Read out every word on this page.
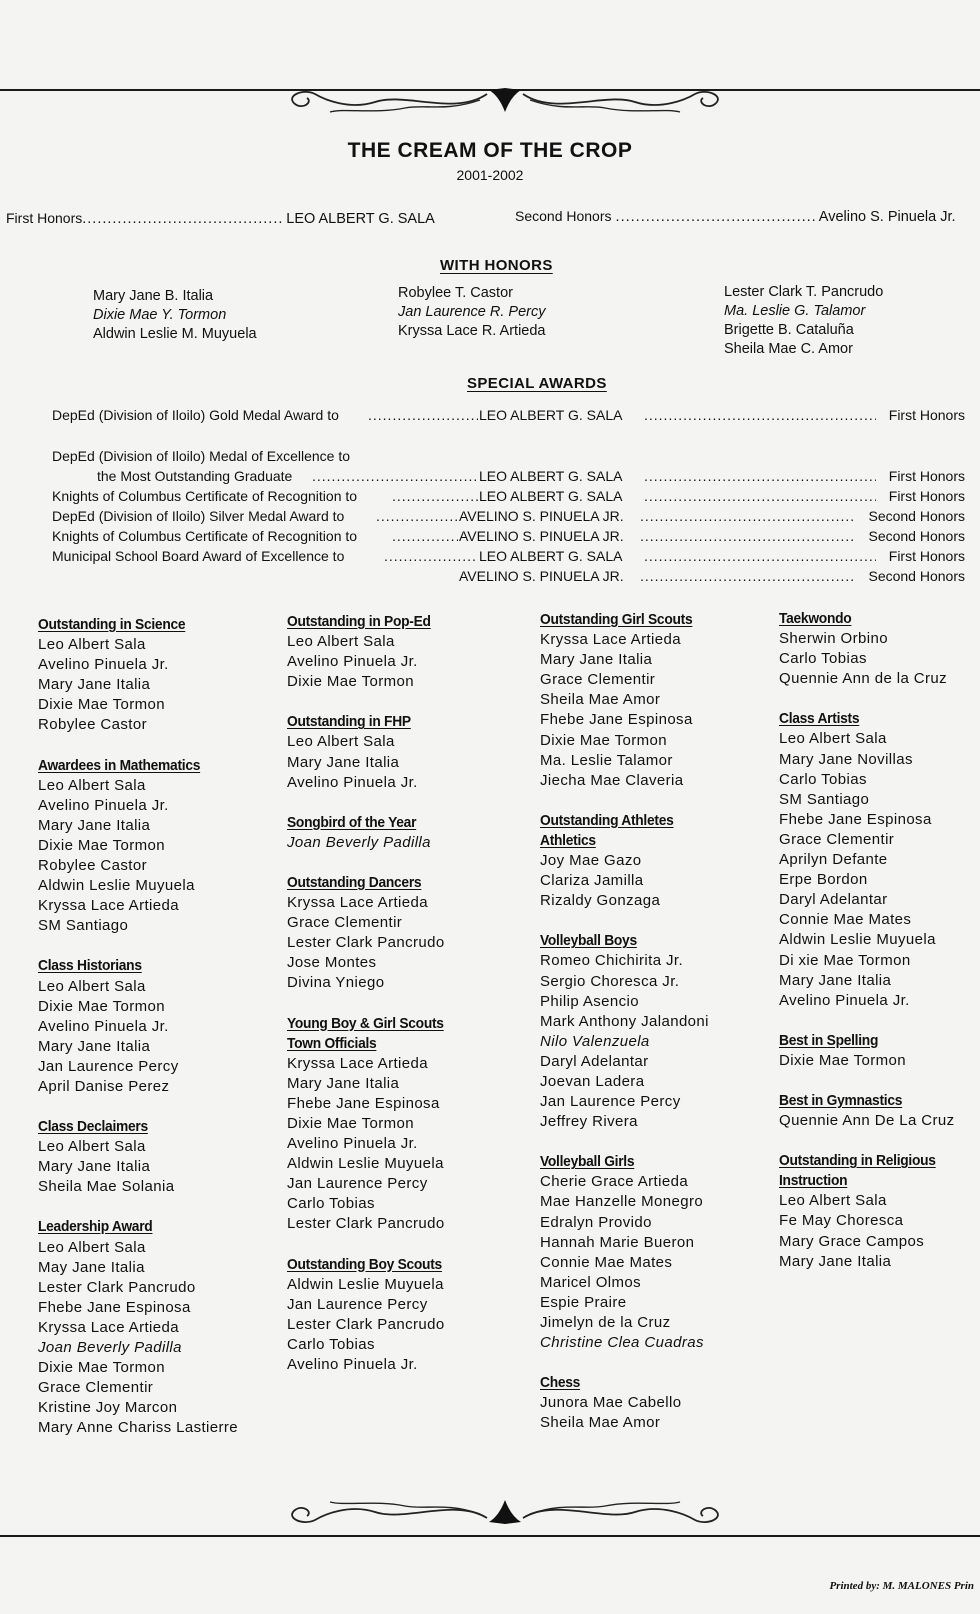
THE CREAM OF THE CROP
2001-2002
First Honors .....	LEO ALBERT G. SALA	Second Honors .....	Avelino S. Pinuela Jr.
WITH HONORS
Mary Jane B. Italia
Dixie Mae Y. Tormon
Aldwin Leslie M. Muyuela
Robylee T. Castor
Jan Laurence R. Percy
Kryssa Lace R. Artieda
Lester Clark T. Pancrudo
Ma. Leslie G. Talamor
Brigette B. Cataluña
Sheila Mae C. Amor
SPECIAL AWARDS
DepEd (Division of Iloilo) Gold Medal Award to .....	LEO ALBERT G. SALA .....	First Honors
DepEd (Division of Iloilo) Medal of Excellence to
the Most Outstanding Graduate .....	LEO ALBERT G. SALA .....	First Honors
Knights of Columbus Certificate of Recognition to .....	LEO ALBERT G. SALA .....	First Honors
DepEd (Division of Iloilo) Silver Medal Award to .....	AVELINO S. PINUELA JR. .....	Second Honors
Knights of Columbus Certificate of Recognition to .....	AVELINO S. PINUELA JR. .....	Second Honors
Municipal School Board Award of Excellence to .....	LEO ALBERT G. SALA .....	First Honors
AVELINO S. PINUELA JR. .....	Second Honors
Outstanding in Science
Leo Albert Sala
Avelino Pinuela Jr.
Mary Jane Italia
Dixie Mae Tormon
Robylee Castor
Awardees in Mathematics
Leo Albert Sala
Avelino Pinuela Jr.
Mary Jane Italia
Dixie Mae Tormon
Robylee Castor
Aldwin Leslie Muyuela
Kryssa Lace Artieda
SM Santiago
Class Historians
Leo Albert Sala
Dixie Mae Tormon
Avelino Pinuela Jr.
Mary Jane Italia
Jan Laurence Percy
April Danise Perez
Class Declaimers
Leo Albert Sala
Mary Jane Italia
Sheila Mae Solania
Leadership Award
Leo Albert Sala
May Jane Italia
Lester Clark Pancrudo
Fhebe Jane Espinosa
Kryssa Lace Artieda
Joan Beverly Padilla
Dixie Mae Tormon
Grace Clementir
Kristine Joy Marcon
Mary Anne Chariss Lastierre
Outstanding in Pop-Ed
Leo Albert Sala
Avelino Pinuela Jr.
Dixie Mae Tormon
Outstanding in FHP
Leo Albert Sala
Mary Jane Italia
Avelino Pinuela Jr.
Songbird of the Year
Joan Beverly Padilla
Outstanding Dancers
Kryssa Lace Artieda
Grace Clementir
Lester Clark Pancrudo
Jose Montes
Divina Yniego
Young Boy & Girl Scouts
Town Officials
Kryssa Lace Artieda
Mary Jane Italia
Fhebe Jane Espinosa
Dixie Mae Tormon
Avelino Pinuela Jr.
Aldwin Leslie Muyuela
Jan Laurence Percy
Carlo Tobias
Lester Clark Pancrudo
Outstanding Boy Scouts
Aldwin Leslie Muyuela
Jan Laurence Percy
Lester Clark Pancrudo
Carlo Tobias
Avelino Pinuela Jr.
Outstanding Girl Scouts
Kryssa Lace Artieda
Mary Jane Italia
Grace Clementir
Sheila Mae Amor
Fhebe Jane Espinosa
Dixie Mae Tormon
Ma. Leslie Talamor
Jiecha Mae Claveria
Outstanding Athletes
Athletics
Joy Mae Gazo
Clariza Jamilla
Rizaldy Gonzaga
Volleyball Boys
Romeo Chichirita Jr.
Sergio Choresca Jr.
Philip Asencio
Mark Anthony Jalandoni
Nilo Valenzuela
Daryl Adelantar
Joevan Ladera
Jan Laurence Percy
Jeffrey Rivera
Volleyball Girls
Cherie Grace Artieda
Mae Hanzelle Monegro
Edralyn Provido
Hannah Marie Bueron
Connie Mae Mates
Maricel Olmos
Espie Praire
Jimelyn de la Cruz
Christine Clea Cuadras
Chess
Junora Mae Cabello
Sheila Mae Amor
Taekwondo
Sherwin Orbino
Carlo Tobias
Quennie Ann de la Cruz
Class Artists
Leo Albert Sala
Mary Jane Novillas
Carlo Tobias
SM Santiago
Fhebe Jane Espinosa
Grace Clementir
Aprilyn Defante
Erpe Bordon
Daryl Adelantar
Connie Mae Mates
Aldwin Leslie Muyuela
Di xie Mae Tormon
Mary Jane Italia
Avelino Pinuela Jr.
Best in Spelling
Dixie Mae Tormon
Best in Gymnastics
Quennie Ann De La Cruz
Outstanding in Religious
Instruction
Leo Albert Sala
Fe May Choresca
Mary Grace Campos
Mary Jane Italia
Printed by: M. MALONES Prin
